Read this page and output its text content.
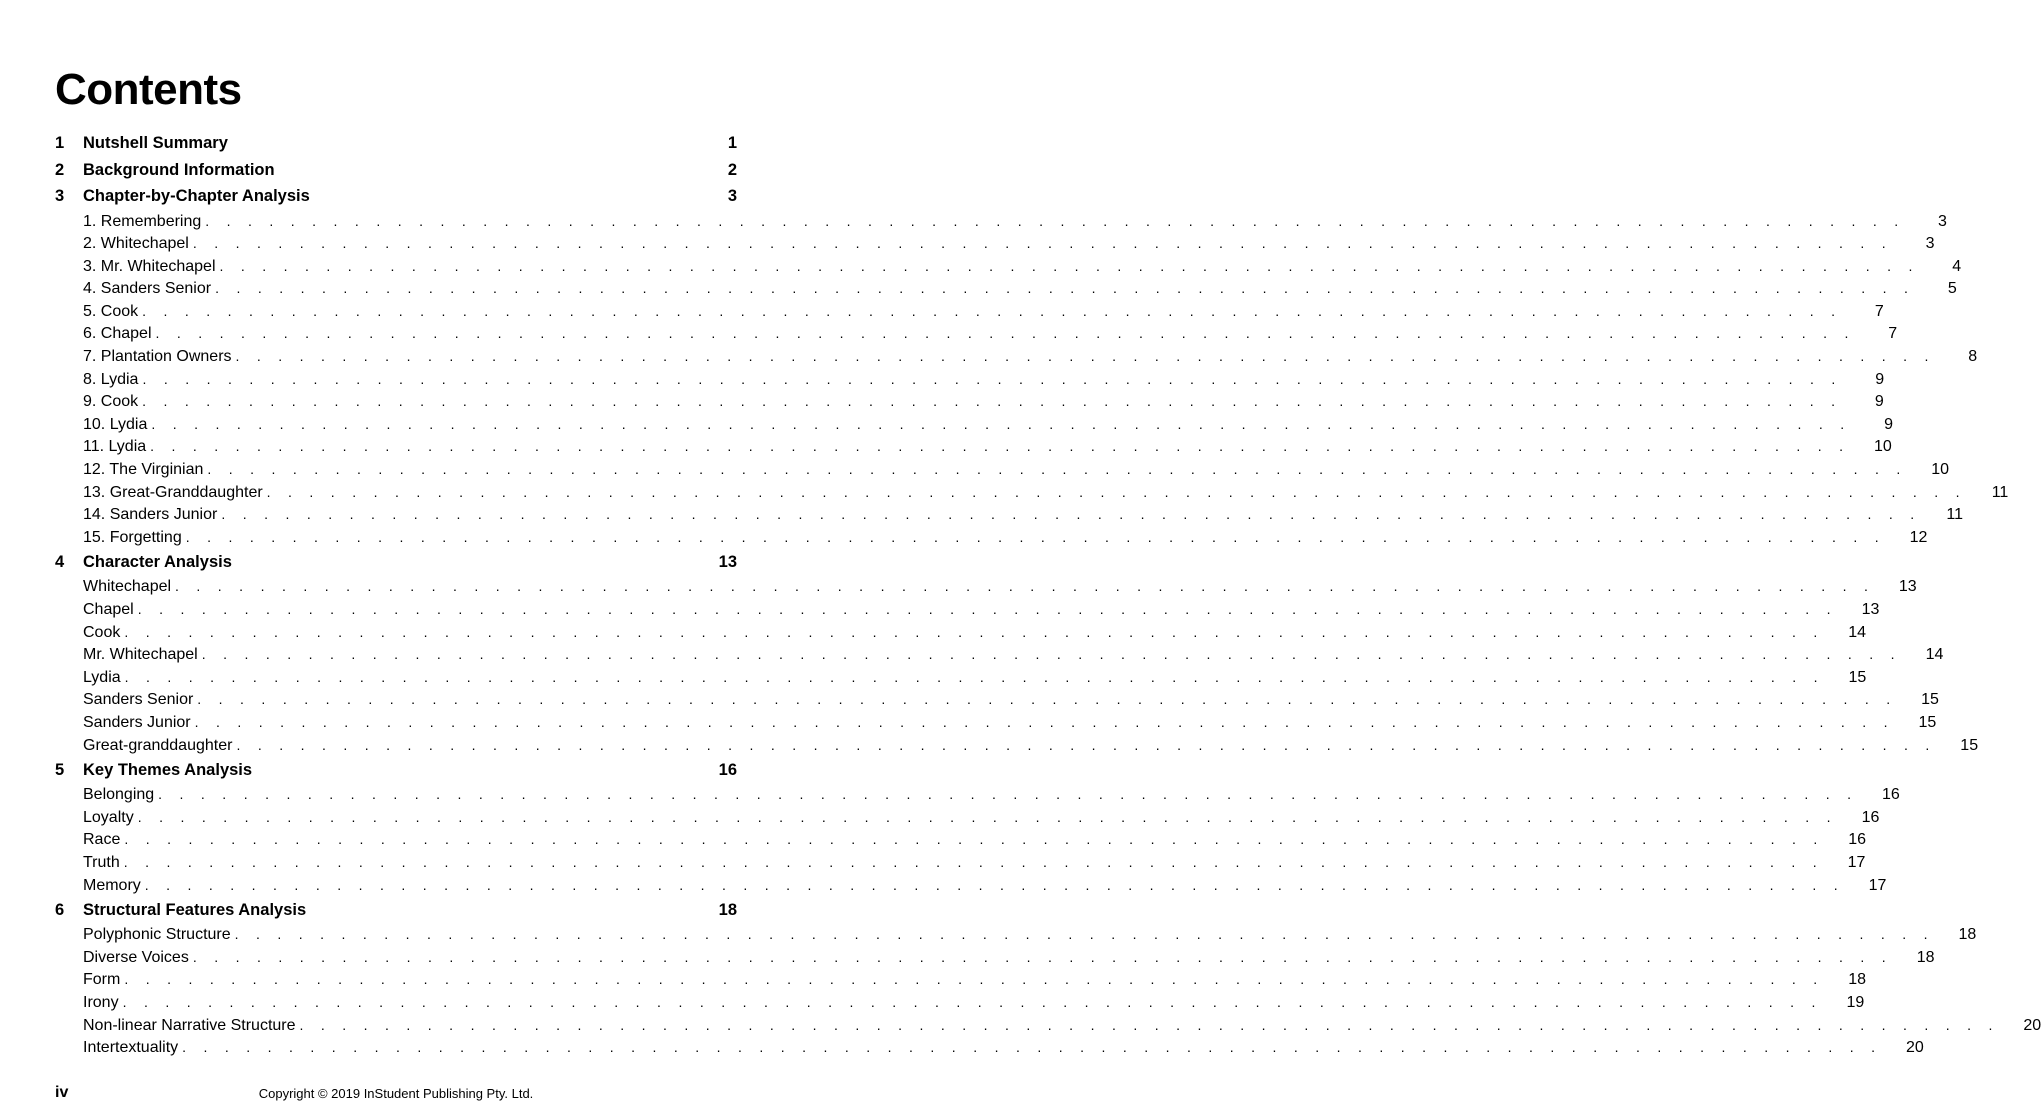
Contents
1	Nutshell Summary	1
2	Background Information	2
3	Chapter-by-Chapter Analysis	3
1. Remembering . . . . . . . . . . . . . . . . . . . . . . . . . . . . . . . . . . . . . . . . . . . . . . . . . . . . . . . . . . . . . . . . . . . . . . . . . . . . . . . .	3
2. Whitechapel . . . . . . . . . . . . . . . . . . . . . . . . . . . . . . . . . . . . . . . . . . . . . . . . . . . . . . . . . . . . . . . . . . . . . . . . . . . . . . . .	3
3. Mr. Whitechapel . . . . . . . . . . . . . . . . . . . . . . . . . . . . . . . . . . . . . . . . . . . . . . . . . . . . . . . . . . . . . . . . . . . . . . . . . . . . . . . .	4
4. Sanders Senior . . . . . . . . . . . . . . . . . . . . . . . . . . . . . . . . . . . . . . . . . . . . . . . . . . . . . . . . . . . . . . . . . . . . . . . . . . . . . . . .	5
5. Cook . . . . . . . . . . . . . . . . . . . . . . . . . . . . . . . . . . . . . . . . . . . . . . . . . . . . . . . . . . . . . . . . . . . . . . . . . . . . . . . .	7
6. Chapel . . . . . . . . . . . . . . . . . . . . . . . . . . . . . . . . . . . . . . . . . . . . . . . . . . . . . . . . . . . . . . . . . . . . . . . . . . . . . . . .	7
7. Plantation Owners . . . . . . . . . . . . . . . . . . . . . . . . . . . . . . . . . . . . . . . . . . . . . . . . . . . . . . . . . . . . . . . . . . . . . . . . . . . . . . . .	8
8. Lydia . . . . . . . . . . . . . . . . . . . . . . . . . . . . . . . . . . . . . . . . . . . . . . . . . . . . . . . . . . . . . . . . . . . . . . . . . . . . . . . .	9
9. Cook . . . . . . . . . . . . . . . . . . . . . . . . . . . . . . . . . . . . . . . . . . . . . . . . . . . . . . . . . . . . . . . . . . . . . . . . . . . . . . . .	9
10. Lydia . . . . . . . . . . . . . . . . . . . . . . . . . . . . . . . . . . . . . . . . . . . . . . . . . . . . . . . . . . . . . . . . . . . . . . . . . . . . . . . .	9
11. Lydia . . . . . . . . . . . . . . . . . . . . . . . . . . . . . . . . . . . . . . . . . . . . . . . . . . . . . . . . . . . . . . . . . . . . . . . . . . . . . . . .	10
12. The Virginian . . . . . . . . . . . . . . . . . . . . . . . . . . . . . . . . . . . . . . . . . . . . . . . . . . . . . . . . . . . . . . . . . . . . . . . . . . . . . . . .	10
13. Great-Granddaughter . . . . . . . . . . . . . . . . . . . . . . . . . . . . . . . . . . . . . . . . . . . . . . . . . . . . . . . . . . . . . . . . . . . . . . . . . . . . . . . .	11
14. Sanders Junior . . . . . . . . . . . . . . . . . . . . . . . . . . . . . . . . . . . . . . . . . . . . . . . . . . . . . . . . . . . . . . . . . . . . . . . . . . . . . . . .	11
15. Forgetting . . . . . . . . . . . . . . . . . . . . . . . . . . . . . . . . . . . . . . . . . . . . . . . . . . . . . . . . . . . . . . . . . . . . . . . . . . . . . . . .	12
4	Character Analysis	13
Whitechapel . . . . . . . . . . . . . . . . . . . . . . . . . . . . . . . . . . . . . . . . . . . . . . . . . . . . . . . . . . . . . . . . . . . . . . . . . . . . . . . .	13
Chapel . . . . . . . . . . . . . . . . . . . . . . . . . . . . . . . . . . . . . . . . . . . . . . . . . . . . . . . . . . . . . . . . . . . . . . . . . . . . . . . .	13
Cook . . . . . . . . . . . . . . . . . . . . . . . . . . . . . . . . . . . . . . . . . . . . . . . . . . . . . . . . . . . . . . . . . . . . . . . . . . . . . . . .	14
Mr. Whitechapel . . . . . . . . . . . . . . . . . . . . . . . . . . . . . . . . . . . . . . . . . . . . . . . . . . . . . . . . . . . . . . . . . . . . . . . . . . . . . . . .	14
Lydia . . . . . . . . . . . . . . . . . . . . . . . . . . . . . . . . . . . . . . . . . . . . . . . . . . . . . . . . . . . . . . . . . . . . . . . . . . . . . . . .	15
Sanders Senior . . . . . . . . . . . . . . . . . . . . . . . . . . . . . . . . . . . . . . . . . . . . . . . . . . . . . . . . . . . . . . . . . . . . . . . . . . . . . . . .	15
Sanders Junior . . . . . . . . . . . . . . . . . . . . . . . . . . . . . . . . . . . . . . . . . . . . . . . . . . . . . . . . . . . . . . . . . . . . . . . . . . . . . . . .	15
Great-granddaughter . . . . . . . . . . . . . . . . . . . . . . . . . . . . . . . . . . . . . . . . . . . . . . . . . . . . . . . . . . . . . . . . . . . . . . . . . . . . . . . .	15
5	Key Themes Analysis	16
Belonging . . . . . . . . . . . . . . . . . . . . . . . . . . . . . . . . . . . . . . . . . . . . . . . . . . . . . . . . . . . . . . . . . . . . . . . . . . . . . . . .	16
Loyalty . . . . . . . . . . . . . . . . . . . . . . . . . . . . . . . . . . . . . . . . . . . . . . . . . . . . . . . . . . . . . . . . . . . . . . . . . . . . . . . .	16
Race . . . . . . . . . . . . . . . . . . . . . . . . . . . . . . . . . . . . . . . . . . . . . . . . . . . . . . . . . . . . . . . . . . . . . . . . . . . . . . . .	16
Truth . . . . . . . . . . . . . . . . . . . . . . . . . . . . . . . . . . . . . . . . . . . . . . . . . . . . . . . . . . . . . . . . . . . . . . . . . . . . . . . .	17
Memory . . . . . . . . . . . . . . . . . . . . . . . . . . . . . . . . . . . . . . . . . . . . . . . . . . . . . . . . . . . . . . . . . . . . . . . . . . . . . . . .	17
6	Structural Features Analysis	18
Polyphonic Structure . . . . . . . . . . . . . . . . . . . . . . . . . . . . . . . . . . . . . . . . . . . . . . . . . . . . . . . . . . . . . . . . . . . . . . . . . . . . . . . .	18
Diverse Voices . . . . . . . . . . . . . . . . . . . . . . . . . . . . . . . . . . . . . . . . . . . . . . . . . . . . . . . . . . . . . . . . . . . . . . . . . . . . . . . .	18
Form . . . . . . . . . . . . . . . . . . . . . . . . . . . . . . . . . . . . . . . . . . . . . . . . . . . . . . . . . . . . . . . . . . . . . . . . . . . . . . . .	18
Irony . . . . . . . . . . . . . . . . . . . . . . . . . . . . . . . . . . . . . . . . . . . . . . . . . . . . . . . . . . . . . . . . . . . . . . . . . . . . . . . .	19
Non-linear Narrative Structure . . . . . . . . . . . . . . . . . . . . . . . . . . . . . . . . . . . . . . . . . . . . . . . . . . . . . . . . . . . . . . . . . . . . . . . . . . . . . . . .	20
Intertextuality . . . . . . . . . . . . . . . . . . . . . . . . . . . . . . . . . . . . . . . . . . . . . . . . . . . . . . . . . . . . . . . . . . . . . . . . . . . . . . . .	20
iv	Copyright © 2019 InStudent Publishing Pty. Ltd.
